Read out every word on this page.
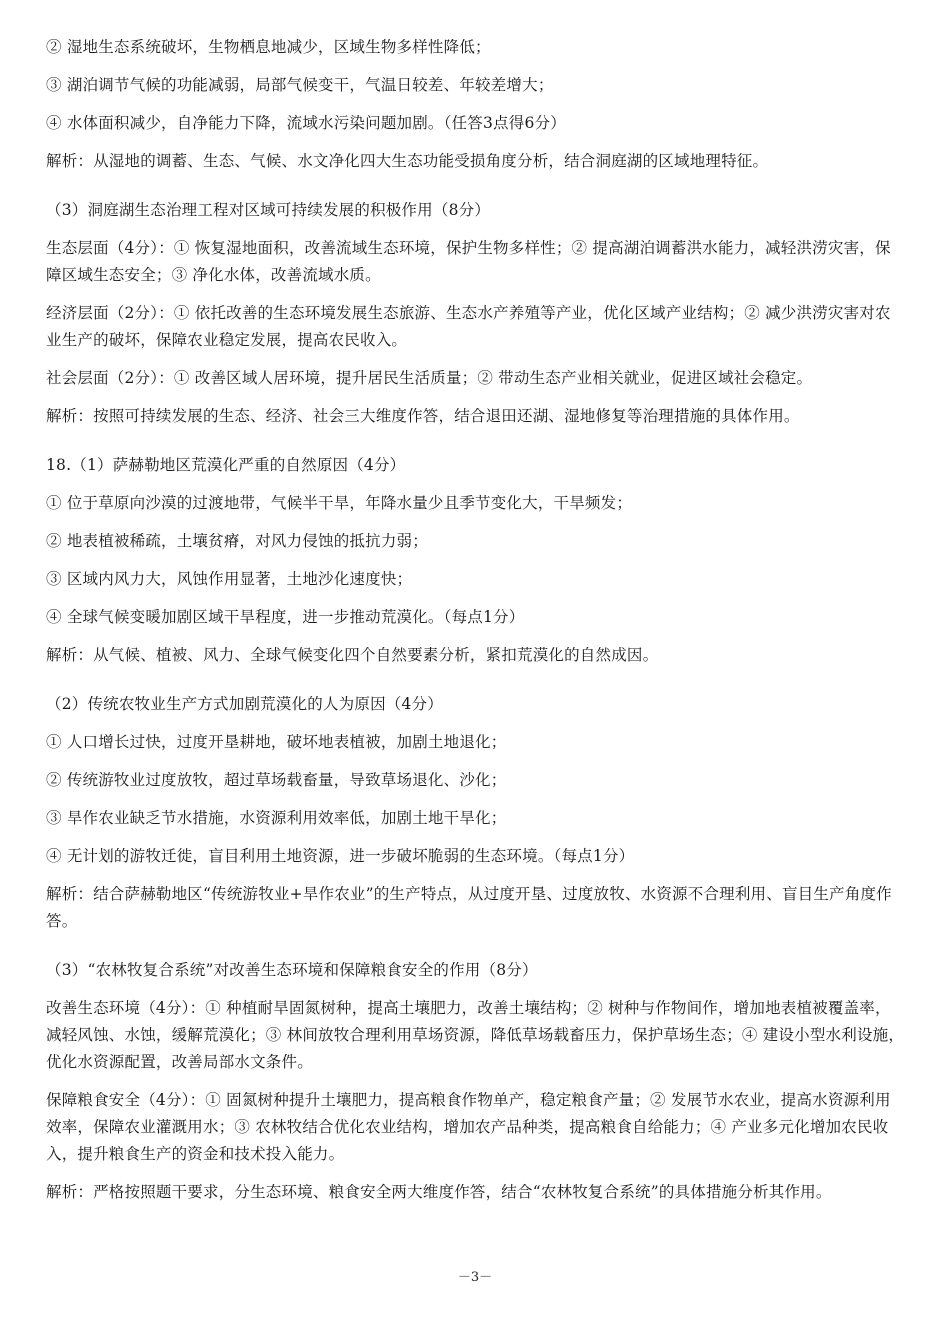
② 湿地生态系统破坏，生物栖息地减少，区域生物多样性降低；

③ 湖泊调节气候的功能减弱，局部气候变干，气温日较差、年较差增大；

④ 水体面积减少，自净能力下降，流域水污染问题加剧。（任答3点得6分）

解析：从湿地的调蓄、生态、气候、水文净化四大生态功能受损角度分析，结合洞庭湖的区域地理特征。

（3）洞庭湖生态治理工程对区域可持续发展的积极作用（8分）

生态层面（4分）：① 恢复湿地面积，改善流域生态环境，保护生物多样性；② 提高湖泊调蓄洪水能力，减轻洪涝灾害，保障区域生态安全；③ 净化水体，改善流域水质。

经济层面（2分）：① 依托改善的生态环境发展生态旅游、生态水产养殖等产业，优化区域产业结构；② 减少洪涝灾害对农业生产的破坏，保障农业稳定发展，提高农民收入。

社会层面（2分）：① 改善区域人居环境，提升居民生活质量；② 带动生态产业相关就业，促进区域社会稳定。

解析：按照可持续发展的生态、经济、社会三大维度作答，结合退田还湖、湿地修复等治理措施的具体作用。

18.（1）萨赫勒地区荒漠化严重的自然原因（4分）

① 位于草原向沙漠的过渡地带，气候半干旱，年降水量少且季节变化大，干旱频发；

② 地表植被稀疏，土壤贫瘠，对风力侵蚀的抵抗力弱；

③ 区域内风力大，风蚀作用显著，土地沙化速度快；

④ 全球气候变暖加剧区域干旱程度，进一步推动荒漠化。（每点1分）

解析：从气候、植被、风力、全球气候变化四个自然要素分析，紧扣荒漠化的自然成因。

（2）传统农牧业生产方式加剧荒漠化的人为原因（4分）

① 人口增长过快，过度开垦耕地，破坏地表植被，加剧土地退化；

② 传统游牧业过度放牧，超过草场载畜量，导致草场退化、沙化；

③ 旱作农业缺乏节水措施，水资源利用效率低，加剧土地干旱化；

④ 无计划的游牧迁徙，盲目利用土地资源，进一步破坏脆弱的生态环境。（每点1分）

解析：结合萨赫勒地区“传统游牧业+旱作农业”的生产特点，从过度开垦、过度放牧、水资源不合理利用、盲目生产角度作答。

（3）“农林牧复合系统”对改善生态环境和保障粮食安全的作用（8分）

改善生态环境（4分）：① 种植耐旱固氮树种，提高土壤肥力，改善土壤结构；② 树种与作物间作，增加地表植被覆盖率，减轻风蚀、水蚀，缓解荒漠化；③ 林间放牧合理利用草场资源，降低草场载畜压力，保护草场生态；④ 建设小型水利设施，优化水资源配置，改善局部水文条件。

保障粮食安全（4分）：① 固氮树种提升土壤肥力，提高粮食作物单产，稳定粮食产量；② 发展节水农业，提高水资源利用效率，保障农业灌溉用水；③ 农林牧结合优化农业结构，增加农产品种类，提高粮食自给能力；④ 产业多元化增加农民收入，提升粮食生产的资金和技术投入能力。

解析：严格按照题干要求，分生态环境、粮食安全两大维度作答，结合“农林牧复合系统”的具体措施分析其作用。

－3－
